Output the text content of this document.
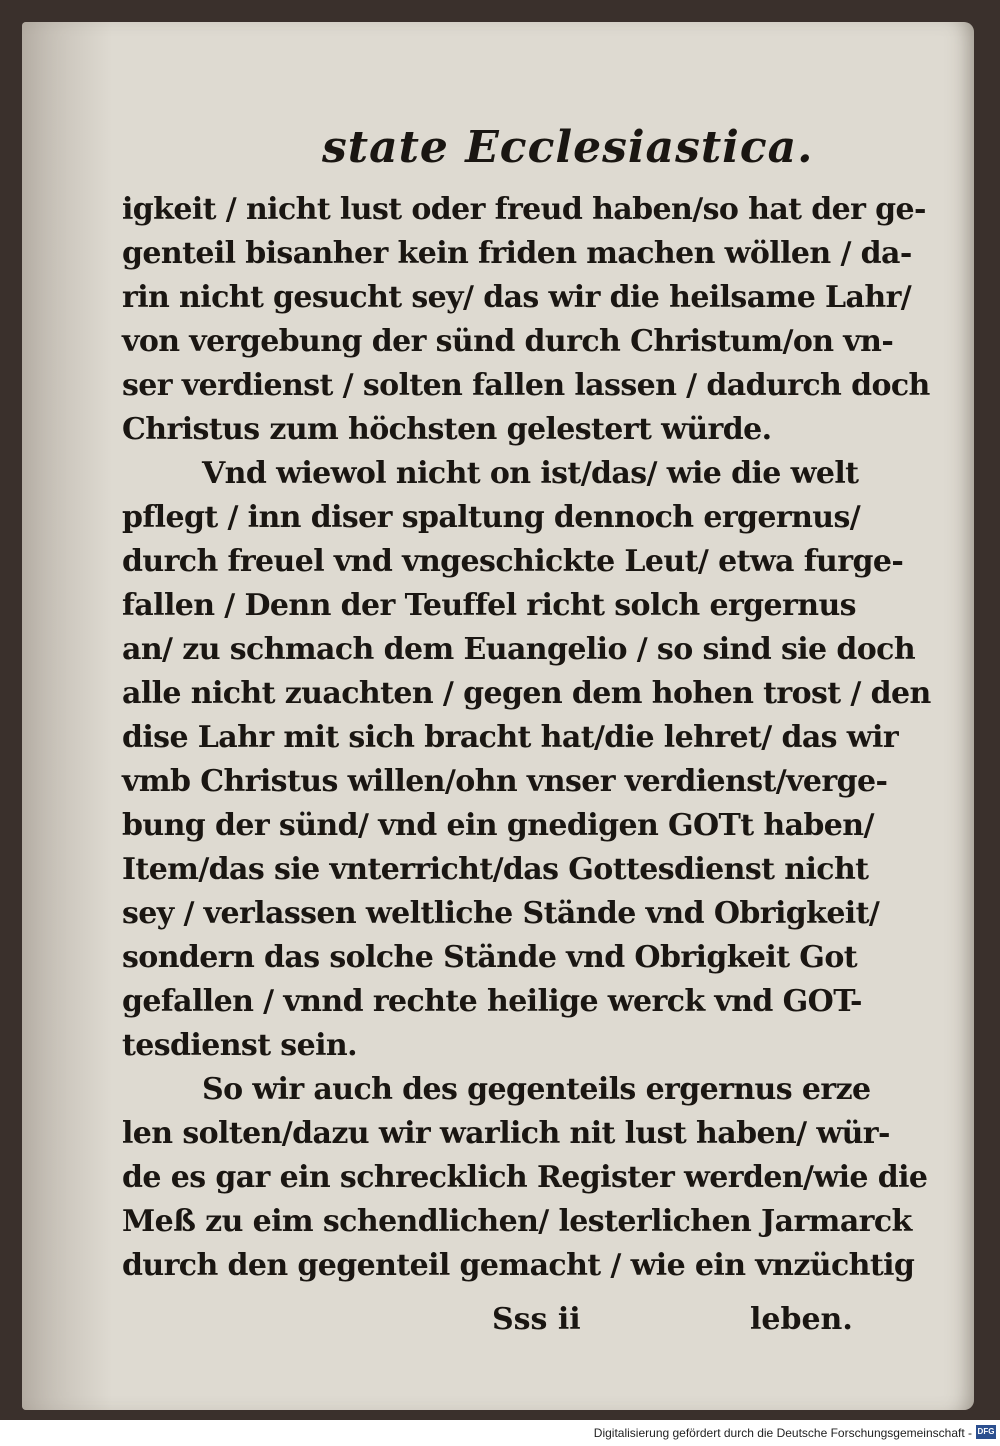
state Ecclesiastica.
igkeit / nicht lust oder freud haben/so hat der ge-
genteil bisanher kein friden machen wöllen / da-
rin nicht gesucht sey/ das wir die heilsame Lahr/
von vergebung der sünd durch Christum/on vn-
ser verdienst / solten fallen lassen / dadurch doch
Christus zum höchsten gelestert würde.
Vnd wiewol nicht on ist/das/ wie die welt
pflegt / inn diser spaltung dennoch ergernus/
durch freuel vnd vngeschickte Leut/ etwa furge-
fallen / Denn der Teuffel richt solch ergernus
an/ zu schmach dem Euangelio / so sind sie doch
alle nicht zuachten / gegen dem hohen trost / den
dise Lahr mit sich bracht hat/die lehret/ das wir
vmb Christus willen/ohn vnser verdienst/verge-
bung der sünd/ vnd ein gnedigen GOTt haben/
Item/das sie vnterricht/das Gottesdienst nicht
sey / verlassen weltliche Stände vnd Obrigkeit/
sondern das solche Stände vnd Obrigkeit Got
gefallen / vnnd rechte heilige werck vnd GOT-
tesdienst sein.
So wir auch des gegenteils ergernus erze
len solten/dazu wir warlich nit lust haben/ wür-
de es gar ein schrecklich Register werden/wie die
Meß zu eim schendlichen/ lesterlichen Jarmarck
durch den gegenteil gemacht / wie ein vnzüchtig
Sss ii	leben.
Digitalisierung gefördert durch die Deutsche Forschungsgemeinschaft - DFG
